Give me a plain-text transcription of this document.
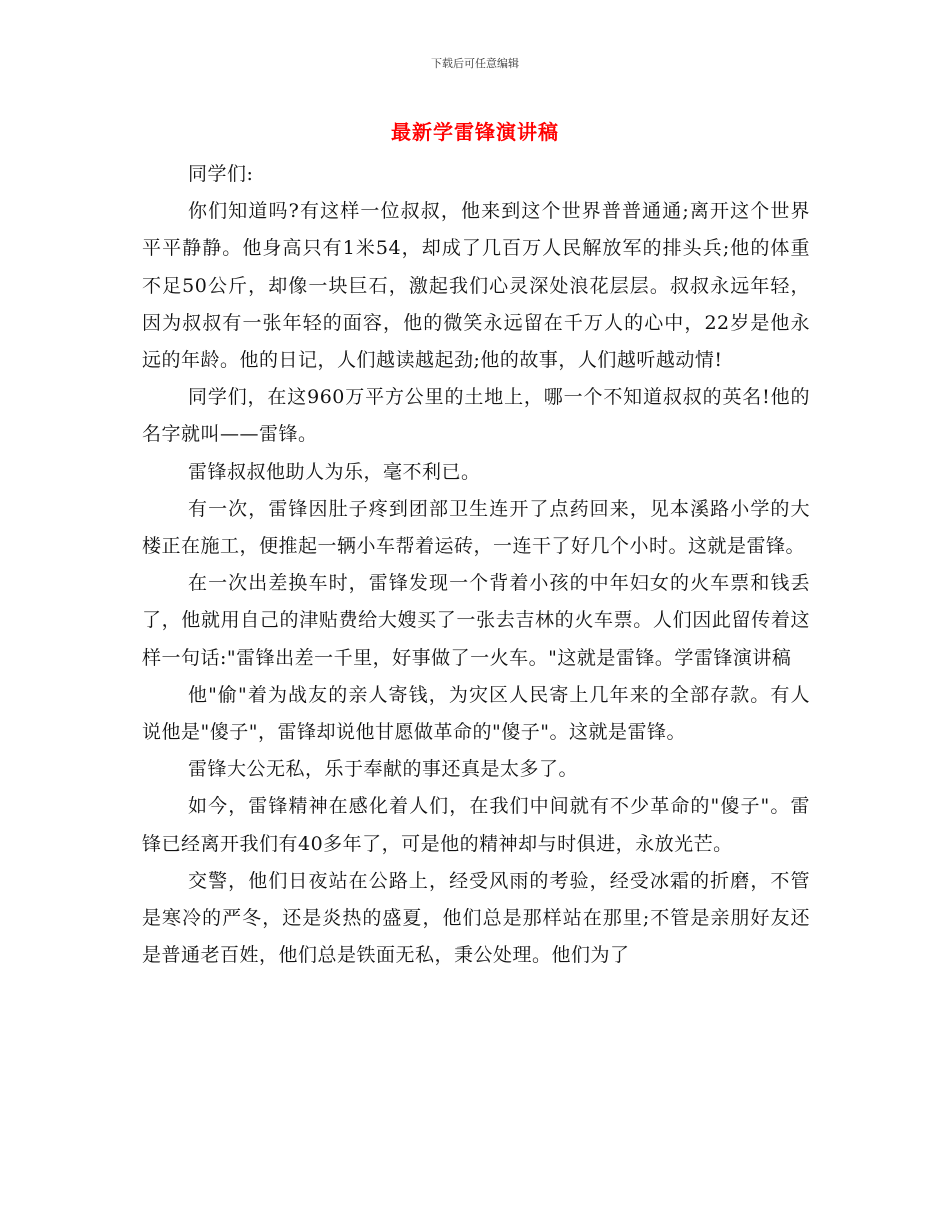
下载后可任意编辑
最新学雷锋演讲稿

同学们:

你们知道吗?有这样一位叔叔，他来到这个世界普普通通;离开这个世界平平静静。他身高只有1米54，却成了几百万人民解放军的排头兵;他的体重不足50公斤，却像一块巨石，激起我们心灵深处浪花层层。叔叔永远年轻，因为叔叔有一张年轻的面容，他的微笑永远留在千万人的心中，22岁是他永远的年龄。他的日记，人们越读越起劲;他的故事，人们越听越动情!

同学们，在这960万平方公里的土地上，哪一个不知道叔叔的英名!他的名字就叫——雷锋。

雷锋叔叔他助人为乐，毫不利已。

有一次，雷锋因肚子疼到团部卫生连开了点药回来，见本溪路小学的大楼正在施工，便推起一辆小车帮着运砖，一连干了好几个小时。这就是雷锋。

在一次出差换车时，雷锋发现一个背着小孩的中年妇女的火车票和钱丢了，他就用自己的津贴费给大嫂买了一张去吉林的火车票。人们因此留传着这样一句话:"雷锋出差一千里，好事做了一火车。"这就是雷锋。学雷锋演讲稿

他"偷"着为战友的亲人寄钱，为灾区人民寄上几年来的全部存款。有人说他是"傻子"，雷锋却说他甘愿做革命的"傻子"。这就是雷锋。

雷锋大公无私，乐于奉献的事还真是太多了。

如今，雷锋精神在感化着人们，在我们中间就有不少革命的"傻子"。雷锋已经离开我们有40多年了，可是他的精神却与时俱进，永放光芒。

交警，他们日夜站在公路上，经受风雨的考验，经受冰霜的折磨，不管是寒冷的严冬，还是炎热的盛夏，他们总是那样站在那里;不管是亲朋好友还是普通老百姓，他们总是铁面无私，秉公处理。他们为了
